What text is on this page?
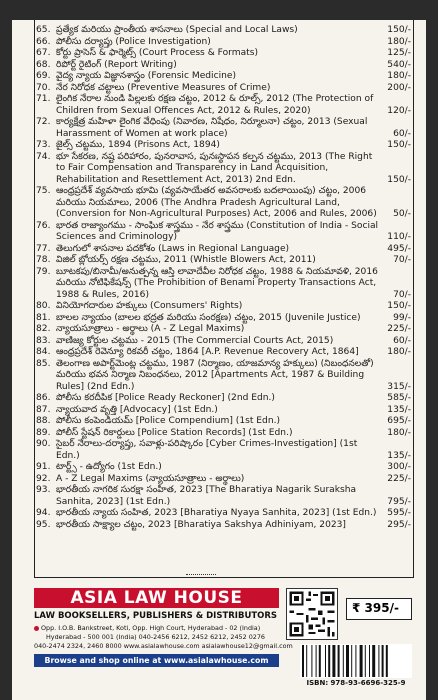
65. ప్రత్యేక మరియు ప్రాంతీయ శాసనాలు (Special and Local Laws)	150/-
66. పోలీసు దర్యాప్తు (Police Investigation)	180/-
67. కోర్టు ప్రాసెస్ & ఫార్మెట్స్ (Court Process & Formats)	125/-
68. రిపోర్ట్ రైటింగ్ (Report Writing)	540/-
69. వైద్య న్యాయ విజ్ఞానశాస్త్రం (Forensic Medicine)	180/-
70. నేర నిరోధక చట్టాలు (Preventive Measures of Crime)	200/-
71. లైంగిక నేరాల నుండి పిల్లలకు రక్షణ చట్టం, 2012 & రూల్స్, 2012 (The Protection of Children from Sexual Offences Act, 2012 & Rules, 2020)	120/-
72. కార్యక్షేత్ర మహిళా లైంగిక వేధింపు (నివారణ, నిషేధం, నిర్మూలనా) చట్టం, 2013 (Sexual Harassment of Women at work place)	60/-
73. జైల్స్ చట్టము, 1894 (Prisons Act, 1894)	150/-
74. భూ సేకరణ, నష్ట పరిహారం, పునరావాస, పునఃస్థాపన కల్పన చట్టము, 2013 (The Right to Fair Compensation and Transparency in Land Acquisition, Rehabilitation and Resettlement Act, 2013) 2nd Edn.	150/-
75. ఆంధ్రప్రదేశ్ వ్యవసాయ భూమి (వ్యవసాయేతర అవసరాలకు బదలాయింపు) చట్టం, 2006 మరియు నియమాలు, 2006 (The Andhra Pradesh Agricultural Land, (Conversion for Non-Agricultural Purposes) Act, 2006 and Rules, 2006)	50/-
76. భారత రాజ్యాంగము - సాంఘిక శాస్త్రము - నేర శాస్త్రము (Constitution of India - Social Sciences and Criminology)	110/-
77. తెలుగులో శాసనాల పదకోశం (Laws in Regional Language)	495/-
78. విజిల్ బ్లోయర్స్ రక్షణ చట్టము, 2011 (Whistle Blowers Act, 2011)	70/-
79. బూటకపు/బినామీ/అనుత్పన్న ఆస్తి లావాదేవీల నిరోధక చట్టం, 1988 & నియమావళి, 2016 మరియు నోటిఫికేషన్స్ (The Prohibition of Benami Property Transactions Act, 1988 & Rules, 2016)	70/-
80. వినియోగదారుల హక్కులు (Consumers' Rights)	150/-
81. బాలల న్యాయం (బాలల భద్రత మరియు సంరక్షణ) చట్టం, 2015 (Juvenile Justice)	99/-
82. న్యాయసూత్రాలు - అర్థాలు (A - Z Legal Maxims)	225/-
83. వాణిజ్య కోర్టుల చట్టము - 2015 (The Commercial Courts Act, 2015)	60/-
84. ఆంధ్రప్రదేశ్ రెవెన్యూ రికవరీ చట్టం, 1864 [A.P. Revenue Recovery Act, 1864]	180/-
85. తెలంగాణ అపార్ట్‌మెంట్ల చట్టము, 1987 (నిర్మాణం, యాజమాన్య హక్కులు) (నిబంధనలతో) మరియు భవన నిర్మాణ నిబంధనలు, 2012 [Apartments Act, 1987 & Building Rules] (2nd Edn.)	315/-
86. పోలీసు కరదీపిక [Police Ready Reckoner] (2nd Edn.)	585/-
87. న్యాయవాద వృత్తి [Advocacy] (1st Edn.)	135/-
88. పోలీసు కంపెండియమ్ [Police Compendium] (1st Edn.)	695/-
89. పోలీస్ స్టేషన్ రికార్డులు [Police Station Records] (1st Edn.)	180/-
90. సైబర్ నేరాలు-దర్యాప్తు, సవాళ్లు-పరిష్కారం [Cyber Crimes-Investigation] (1st Edn.)	135/-
91. టార్ట్స్ - ఉద్యోగం (1st Edn.)	300/-
92. A - Z Legal Maxims (న్యాయసూత్రాలు - అర్థాలు)	225/-
93. భారతీయ నాగరిక సురక్షా సంహిత, 2023 [The Bharatiya Nagarik Suraksha Sanhita, 2023] (1st Edn.)	795/-
94. భారతీయ న్యాయ సంహిత, 2023 [Bharatiya Nyaya Sanhita, 2023] (1st Edn.)	595/-
95. భారతీయ సాక్ష్యాల చట్టం, 2023 [Bharatiya Sakshya Adhiniyam, 2023]	295/-
ASIA LAW HOUSE
LAW BOOKSELLERS, PUBLISHERS & DISTRIBUTORS
Opp. I.O.B. Bankstreet, Koti, Opp. High Court, Hyderabad - 02 (India)
Hyderabad - 500 001 (India) 040-2456 6212, 2452 6212, 2452 0276
040-2474 2324, 2460 8000 www.asialawhouse.com asialawhouse12@gmail.com
Browse and shop online at www.asialawhouse.com
₹ 395/-
ISBN: 978-93-6696-325-9
